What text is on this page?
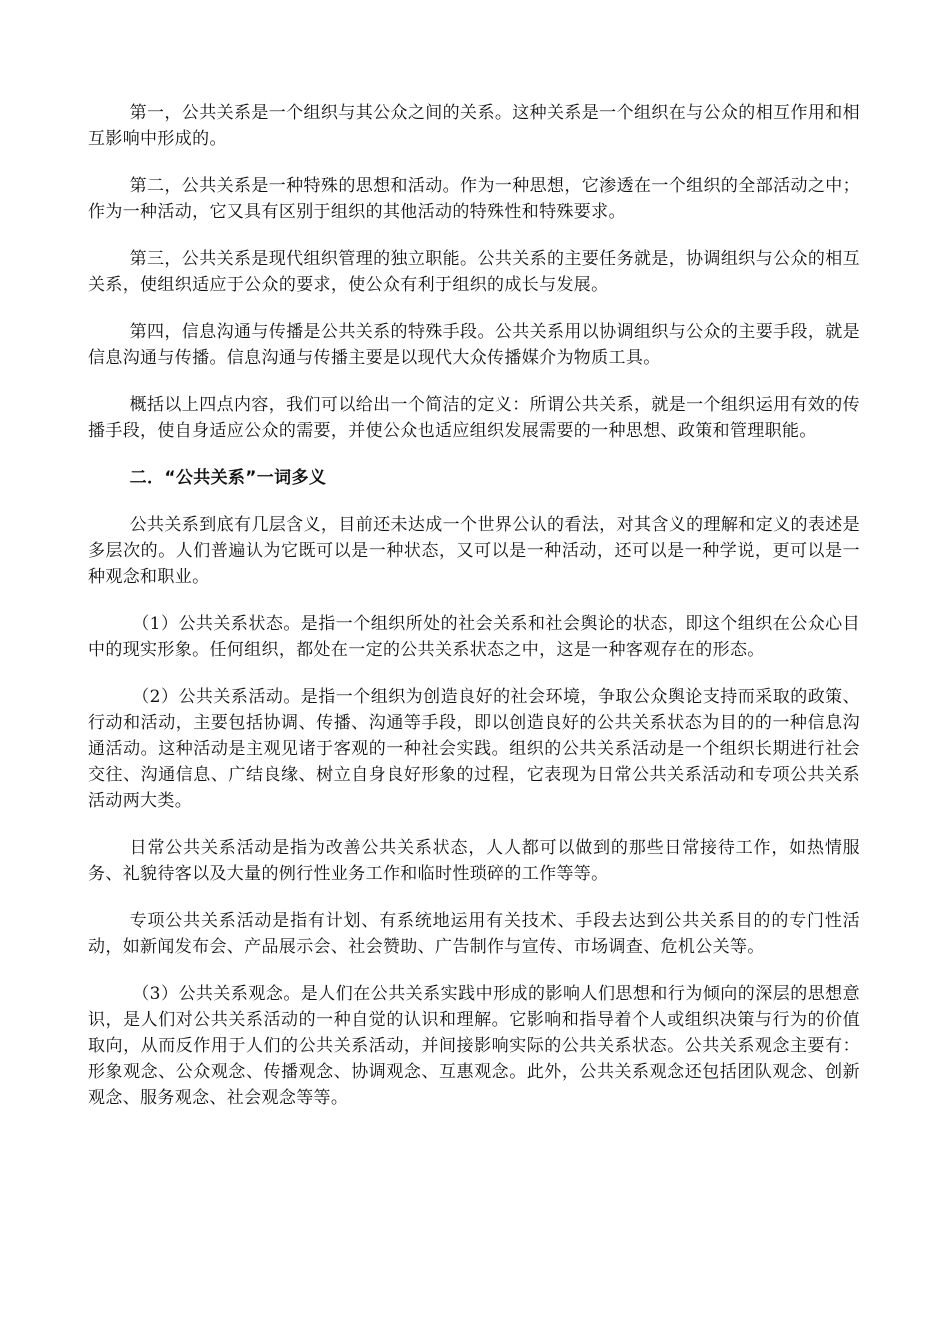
第一，公共关系是一个组织与其公众之间的关系。这种关系是一个组织在与公众的相互作用和相互影响中形成的。

第二，公共关系是一种特殊的思想和活动。作为一种思想，它渗透在一个组织的全部活动之中；作为一种活动，它又具有区别于组织的其他活动的特殊性和特殊要求。

第三，公共关系是现代组织管理的独立职能。公共关系的主要任务就是，协调组织与公众的相互关系，使组织适应于公众的要求，使公众有利于组织的成长与发展。

第四，信息沟通与传播是公共关系的特殊手段。公共关系用以协调组织与公众的主要手段，就是信息沟通与传播。信息沟通与传播主要是以现代大众传播媒介为物质工具。

概括以上四点内容，我们可以给出一个简洁的定义：所谓公共关系，就是一个组织运用有效的传播手段，使自身适应公众的需要，并使公众也适应组织发展需要的一种思想、政策和管理职能。

二．“公共关系”一词多义

公共关系到底有几层含义，目前还未达成一个世界公认的看法，对其含义的理解和定义的表述是多层次的。人们普遍认为它既可以是一种状态，又可以是一种活动，还可以是一种学说，更可以是一种观念和职业。

（1）公共关系状态。是指一个组织所处的社会关系和社会舆论的状态，即这个组织在公众心目中的现实形象。任何组织，都处在一定的公共关系状态之中，这是一种客观存在的形态。

（2）公共关系活动。是指一个组织为创造良好的社会环境，争取公众舆论支持而采取的政策、行动和活动，主要包括协调、传播、沟通等手段，即以创造良好的公共关系状态为目的的一种信息沟通活动。这种活动是主观见诸于客观的一种社会实践。组织的公共关系活动是一个组织长期进行社会交往、沟通信息、广结良缘、树立自身良好形象的过程，它表现为日常公共关系活动和专项公共关系活动两大类。

日常公共关系活动是指为改善公共关系状态，人人都可以做到的那些日常接待工作，如热情服务、礼貌待客以及大量的例行性业务工作和临时性琐碎的工作等等。

专项公共关系活动是指有计划、有系统地运用有关技术、手段去达到公共关系目的的专门性活动，如新闻发布会、产品展示会、社会赞助、广告制作与宣传、市场调查、危机公关等。

（3）公共关系观念。是人们在公共关系实践中形成的影响人们思想和行为倾向的深层的思想意识，是人们对公共关系活动的一种自觉的认识和理解。它影响和指导着个人或组织决策与行为的价值取向，从而反作用于人们的公共关系活动，并间接影响实际的公共关系状态。公共关系观念主要有：形象观念、公众观念、传播观念、协调观念、互惠观念。此外，公共关系观念还包括团队观念、创新观念、服务观念、社会观念等等。
